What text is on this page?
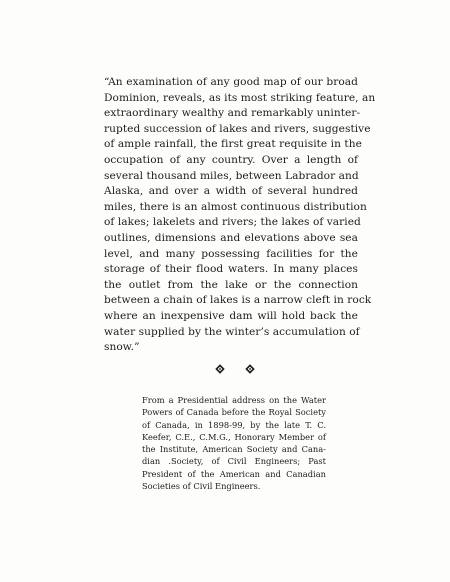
“An examination of any good map of our broad
Dominion, reveals, as its most striking feature, an
extraordinary wealthy and remarkably uninter-
rupted succession of lakes and rivers, suggestive
of ample rainfall, the first great requisite in the
occupation of any country. Over a length of
several thousand miles, between Labrador and
Alaska, and over a width of several hundred
miles, there is an almost continuous distribution
of lakes; lakelets and rivers; the lakes of varied
outlines, dimensions and elevations above sea
level, and many possessing facilities for the
storage of their flood waters. In many places
the outlet from the lake or the connection
between a chain of lakes is a narrow cleft in rock
where an inexpensive dam will hold back the
water supplied by the winter’s accumulation of
snow.”
From a Presidential address on the Water
Powers of Canada before the Royal Society
of Canada, in 1898-99, by the late T. C.
Keefer, C.E., C.M.G., Honorary Member of
the Institute, American Society and Cana-
dian .Society, of Civil Engineers; Past
President of the American and Canadian
Societies of Civil Engineers.
